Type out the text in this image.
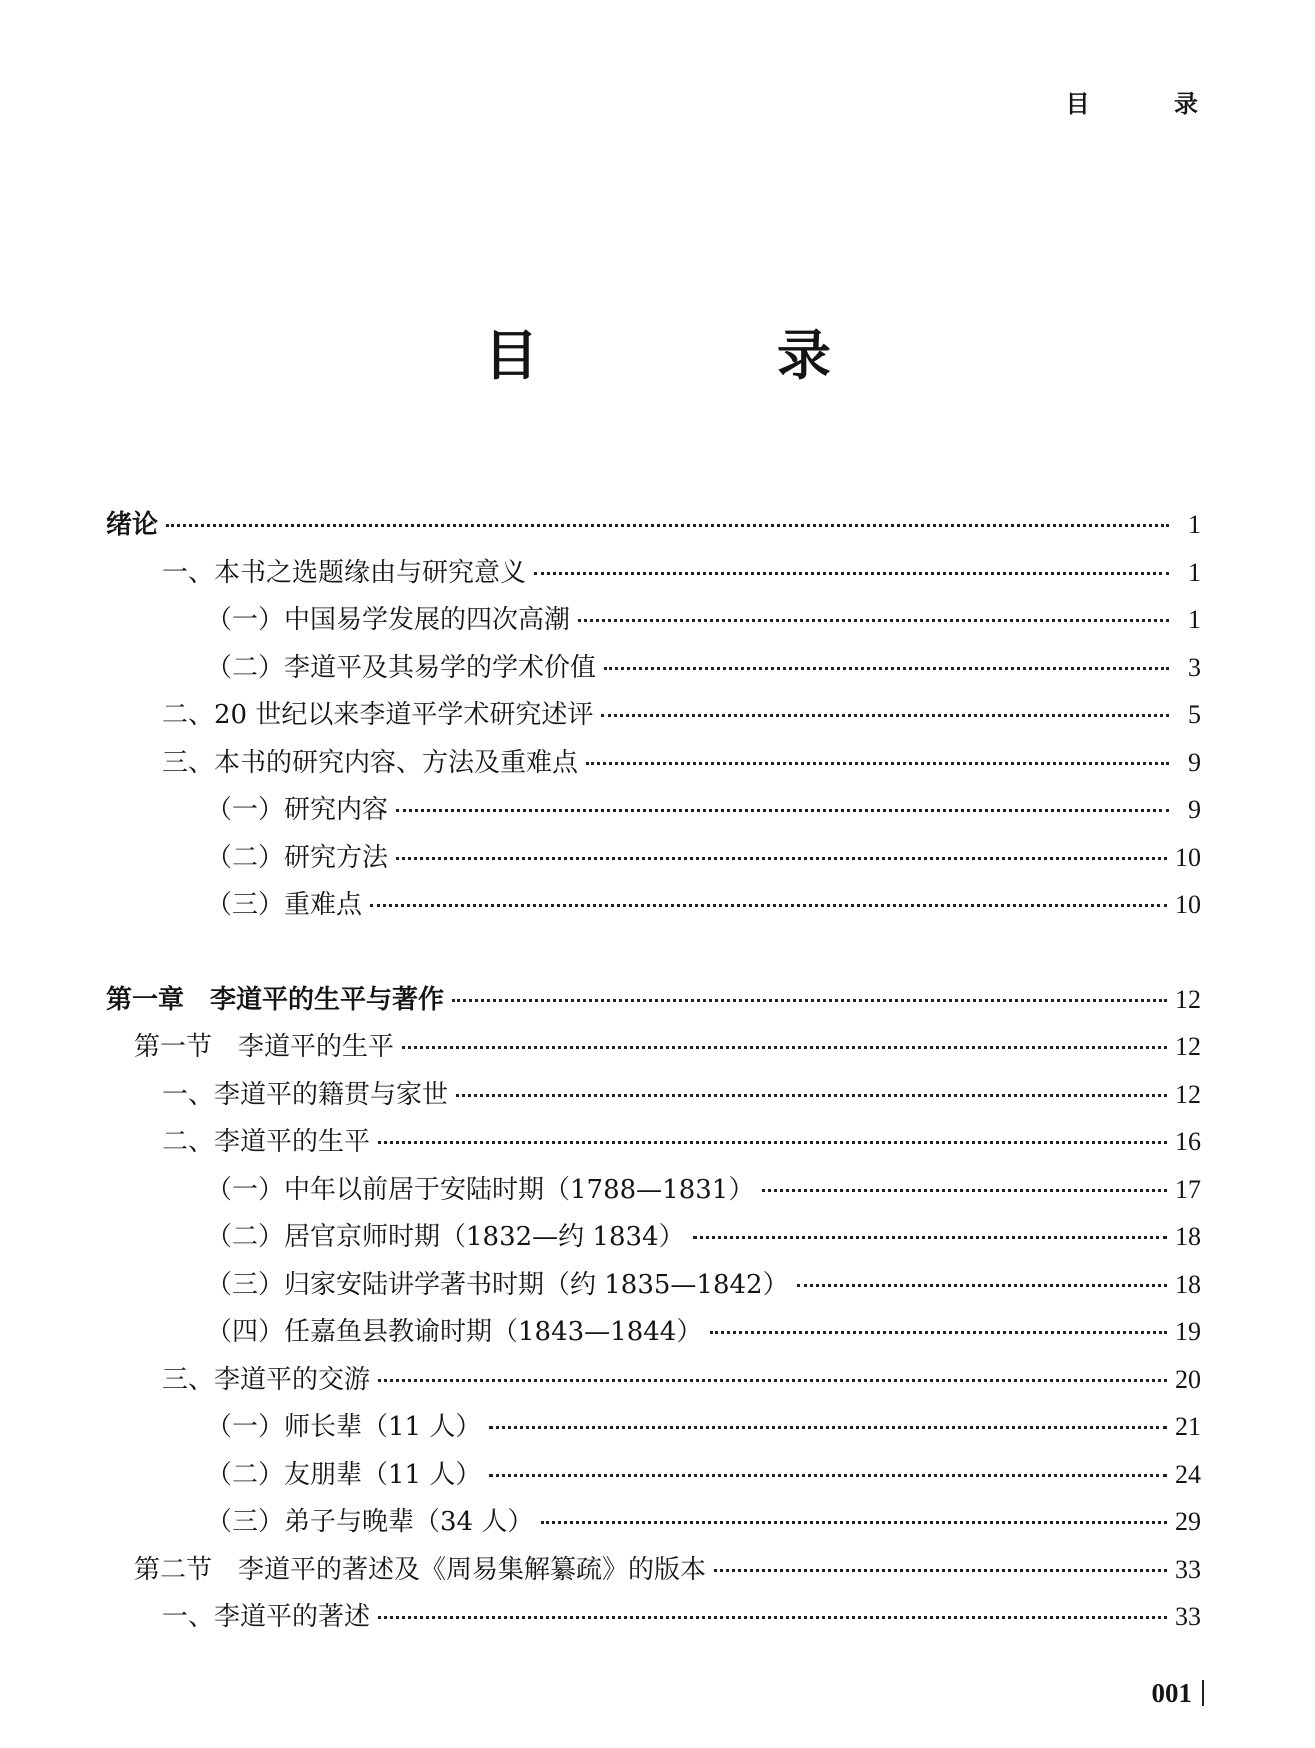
目 录
目 录
绪论	1
一、本书之选题缘由与研究意义	1
（一）中国易学发展的四次高潮	1
（二）李道平及其易学的学术价值	3
二、20 世纪以来李道平学术研究述评	5
三、本书的研究内容、方法及重难点	9
（一）研究内容	9
（二）研究方法	10
（三）重难点	10
第一章　李道平的生平与著作	12
第一节　李道平的生平	12
一、李道平的籍贯与家世	12
二、李道平的生平	16
（一）中年以前居于安陆时期（1788—1831）	17
（二）居官京师时期（1832—约 1834）	18
（三）归家安陆讲学著书时期（约 1835—1842）	18
（四）任嘉鱼县教谕时期（1843—1844）	19
三、李道平的交游	20
（一）师长辈（11 人）	21
（二）友朋辈（11 人）	24
（三）弟子与晚辈（34 人）	29
第二节　李道平的著述及《周易集解纂疏》的版本	33
一、李道平的著述	33
001
